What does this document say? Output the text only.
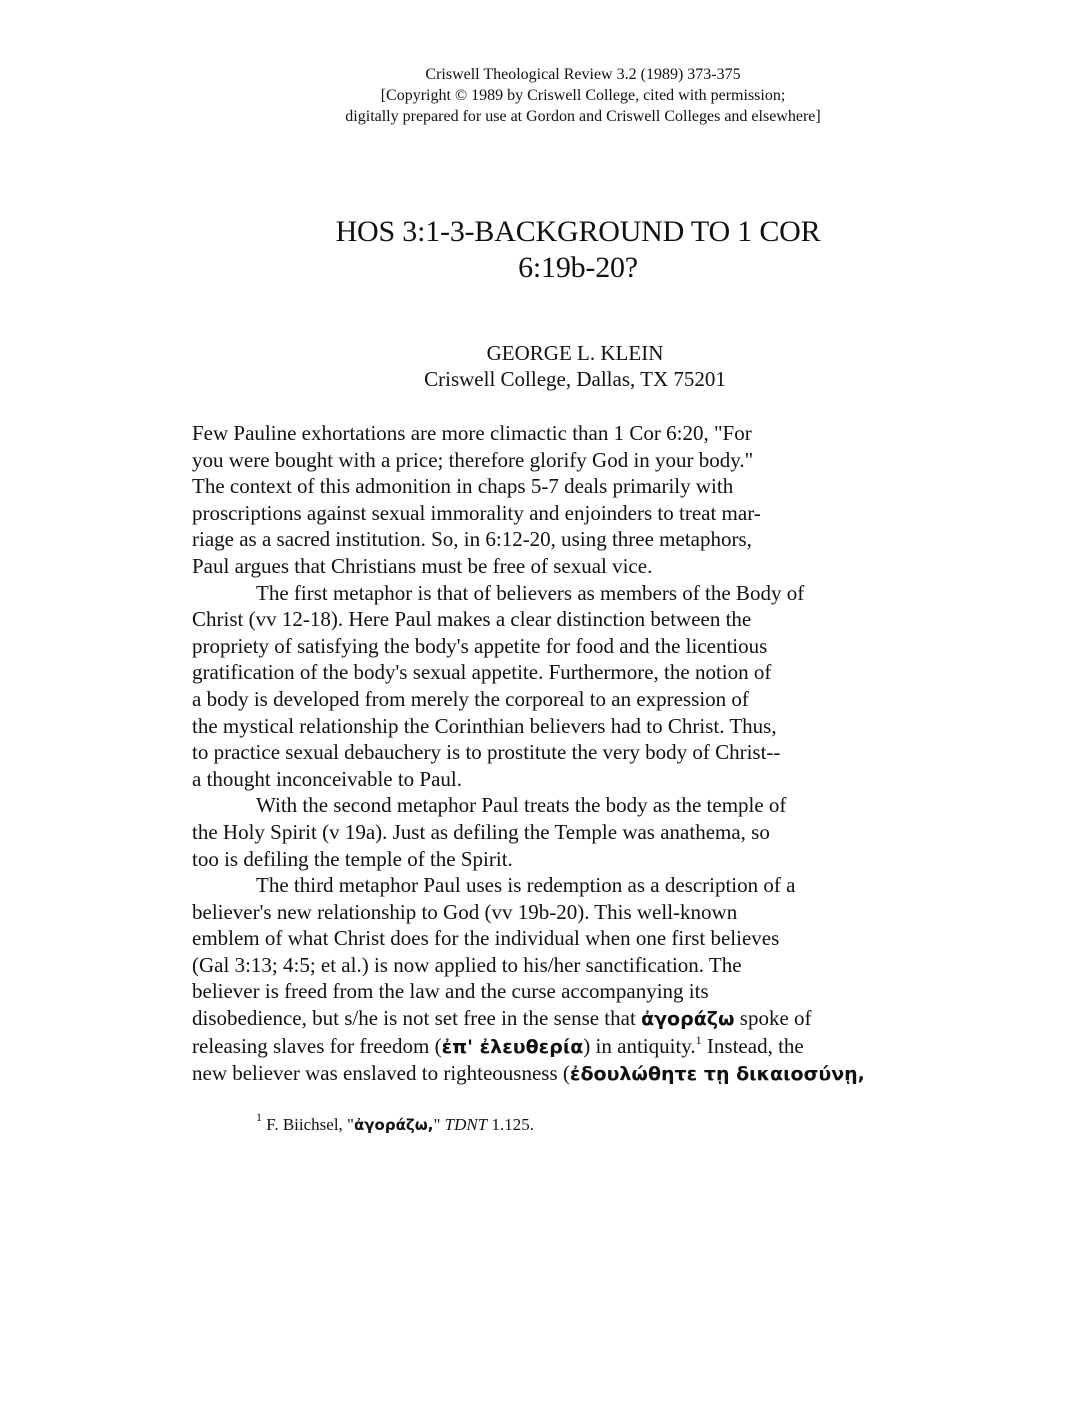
Criswell Theological Review 3.2 (1989) 373-375
[Copyright © 1989 by Criswell College, cited with permission;
digitally prepared for use at Gordon and Criswell Colleges and elsewhere]
HOS 3:1-3-BACKGROUND TO 1 COR
6:19b-20?
GEORGE L. KLEIN
Criswell College, Dallas, TX 75201
Few Pauline exhortations are more climactic than 1 Cor 6:20, "For
you were bought with a price; therefore glorify God in your body."
The context of this admonition in chaps 5-7 deals primarily with
proscriptions against sexual immorality and enjoinders to treat mar-
riage as a sacred institution. So, in 6:12-20, using three metaphors,
Paul argues that Christians must be free of sexual vice.
The first metaphor is that of believers as members of the Body of
Christ (vv 12-18). Here Paul makes a clear distinction between the
propriety of satisfying the body's appetite for food and the licentious
gratification of the body's sexual appetite. Furthermore, the notion of
a body is developed from merely the corporeal to an expression of
the mystical relationship the Corinthian believers had to Christ. Thus,
to practice sexual debauchery is to prostitute the very body of Christ--
a thought inconceivable to Paul.
With the second metaphor Paul treats the body as the temple of
the Holy Spirit (v 19a). Just as defiling the Temple was anathema, so
too is defiling the temple of the Spirit.
The third metaphor Paul uses is redemption as a description of a
believer's new relationship to God (vv 19b-20). This well-known
emblem of what Christ does for the individual when one first believes
(Gal 3:13; 4:5; et al.) is now applied to his/her sanctification. The
believer is freed from the law and the curse accompanying its
disobedience, but s/he is not set free in the sense that ἀγοράζω spoke of
releasing slaves for freedom (ἐπ' ἐλευθερία) in antiquity.$^1$ Instead, the
new believer was enslaved to righteousness (ἐδουλώθητε τῃ δικαιοσύνῃ,
$^1$ F. Biichsel, "ἀγοράζω," TDNT 1.125.
